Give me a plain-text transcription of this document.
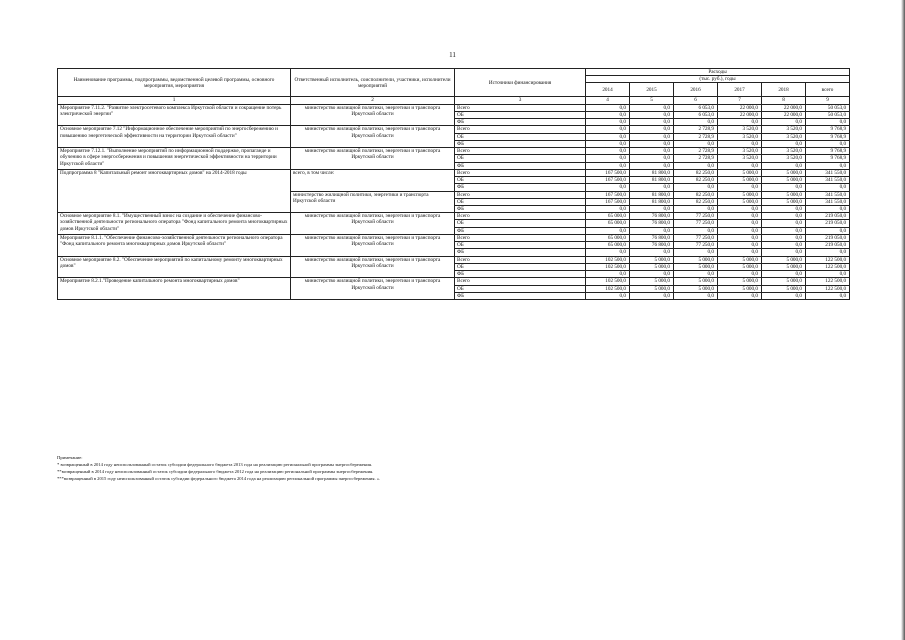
11
Наименование программы, подпрограммы, ведомственной целевой программы, основного мероприятия, мероприятия	Ответственный исполнитель, соисполнители, участники, исполнители мероприятий	Источники финансирования	Расходы					
			(тыс. руб.), годы					
			2014	2015	2016	2017	2018	всего
1	2	3	4	5	6	7	8	9
Мероприятие 7.11.2. "Развитие электросетевого комплекса Иркутской области и сокращение потерь электрической энергии"	министерство жилищной политики, энергетики и транспорта Иркутской области	Всего	0,0	0,0	6 053,0	22 000,0	22 000,0	50 053,0
		ОБ	0,0	0,0	6 053,0	22 000,0	22 000,0	50 053,0
		ФБ	0,0	0,0	0,0	0,0	0,0	0,0
Основное мероприятие 7.12 "Информационное обеспечение мероприятий по энергосбережению и повышению энергетической эффективности на территории Иркутской области"	министерство жилищной политики, энергетики и транспорта Иркутской области	Всего	0,0	0,0	2 728,9	3 520,0	3 520,0	9 768,9
		ОБ	0,0	0,0	2 728,9	3 520,0	3 520,0	9 768,9
		ФБ	0,0	0,0	0,0	0,0	0,0	0,0
Мероприятие 7.12.1. "Выполнение мероприятий по информационной поддержке, пропаганде и обучению в сфере энергосбережения и повышения энергетической эффективности на территории Иркутской области"	министерство жилищной политики, энергетики и транспорта Иркутской области	Всего	0,0	0,0	2 728,9	3 520,0	3 520,0	9 768,9
		ОБ	0,0	0,0	2 728,9	3 520,0	3 520,0	9 768,9
		ФБ	0,0	0,0	0,0	0,0	0,0	0,0
Подпрограмма 8 "Капитальный ремонт многоквартирных домов" на 2014-2018 годы	всего, в том числе:	Всего	167 500,0	81 800,0	82 250,0	5 000,0	5 000,0	341 550,0
		ОБ	167 500,0	81 800,0	82 250,0	5 000,0	5 000,0	341 550,0
		ФБ	0,0	0,0	0,0	0,0	0,0	0,0
	министерство жилищной политики, энергетики и транспорта Иркутской области	Всего	167 500,0	81 800,0	82 250,0	5 000,0	5 000,0	341 550,0
		ОБ	167 500,0	81 800,0	82 250,0	5 000,0	5 000,0	341 550,0
		ФБ	0,0	0,0	0,0	0,0	0,0	0,0
Основное мероприятие 8.1. "Имущественный взнос на создание и обеспечение финансово-хозяйственной деятельности регионального оператора "Фонд капитального ремонта многоквартирных домов Иркутской области"	министерство жилищной политики, энергетики и транспорта Иркутской области	Всего	65 000,0	76 800,0	77 250,0	0,0	0,0	219 050,0
		ОБ	65 000,0	76 800,0	77 250,0	0,0	0,0	219 050,0
		ФБ	0,0	0,0	0,0	0,0	0,0	0,0
Мероприятие 8.1.1. "Обеспечение финансово-хозяйственной деятельности регионального оператора "Фонд капитального ремонта многоквартирных домов Иркутской области"	министерство жилищной политики, энергетики и транспорта Иркутской области	Всего	65 000,0	76 800,0	77 250,0	0,0	0,0	219 050,0
		ОБ	65 000,0	76 800,0	77 250,0	0,0	0,0	219 050,0
		ФБ	0,0	0,0	0,0	0,0	0,0	0,0
Основное мероприятие 8.2. "Обеспечение мероприятий по капитальному ремонту многоквартирных домов"	министерство жилищной политики, энергетики и транспорта Иркутской области	Всего	102 500,0	5 000,0	5 000,0	5 000,0	5 000,0	122 500,0
		ОБ	102 500,0	5 000,0	5 000,0	5 000,0	5 000,0	122 500,0
		ФБ	0,0	0,0	0,0	0,0	0,0	0,0
Мероприятие 8.2.1."Проведение капитального ремонта многоквартирных домов"	министерство жилищной политики, энергетики и транспорта Иркутской области	Всего	102 500,0	5 000,0	5 000,0	5 000,0	5 000,0	122 500,0
		ОБ	102 500,0	5 000,0	5 000,0	5 000,0	5 000,0	122 500,0
		ФБ	0,0	0,0	0,0	0,0	0,0	0,0
Примечание:
* возвращенный в 2014 году неиспользованный остаток субсидии федерального бюджета 2013 года на реализацию региональной программы энергосбережения.
**возвращенный в 2014 году неиспользованный остаток субсидии федерального бюджета 2012 года на реализацию региональной программы энергосбережения.
***возвращенный в 2015 году неиспользованный остаток субсидии федерального бюджета 2014 года на реализацию региональной программы энергосбережения. ».
